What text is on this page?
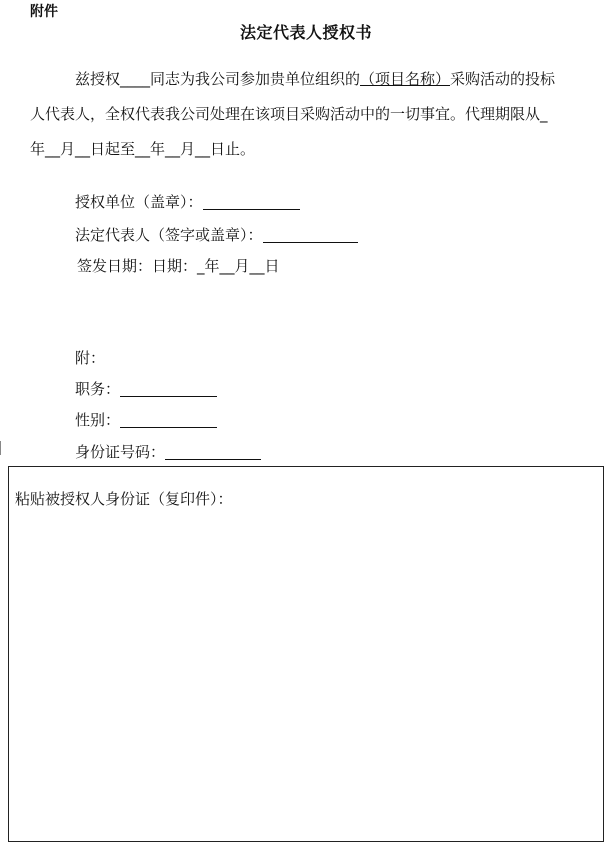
附件
法定代表人授权书
兹授权____同志为我公司参加贵单位组织的（项目名称）采购活动的投标
人代表人，全权代表我公司处理在该项目采购活动中的一切事宜。代理期限从_
年__月__日起至__年__月__日止。
授权单位（盖章）：
法定代表人（签字或盖章）：
签发日期：日期：_年__月__日
附：
职务：
性别：
身份证号码：
粘贴被授权人身份证（复印件）：
